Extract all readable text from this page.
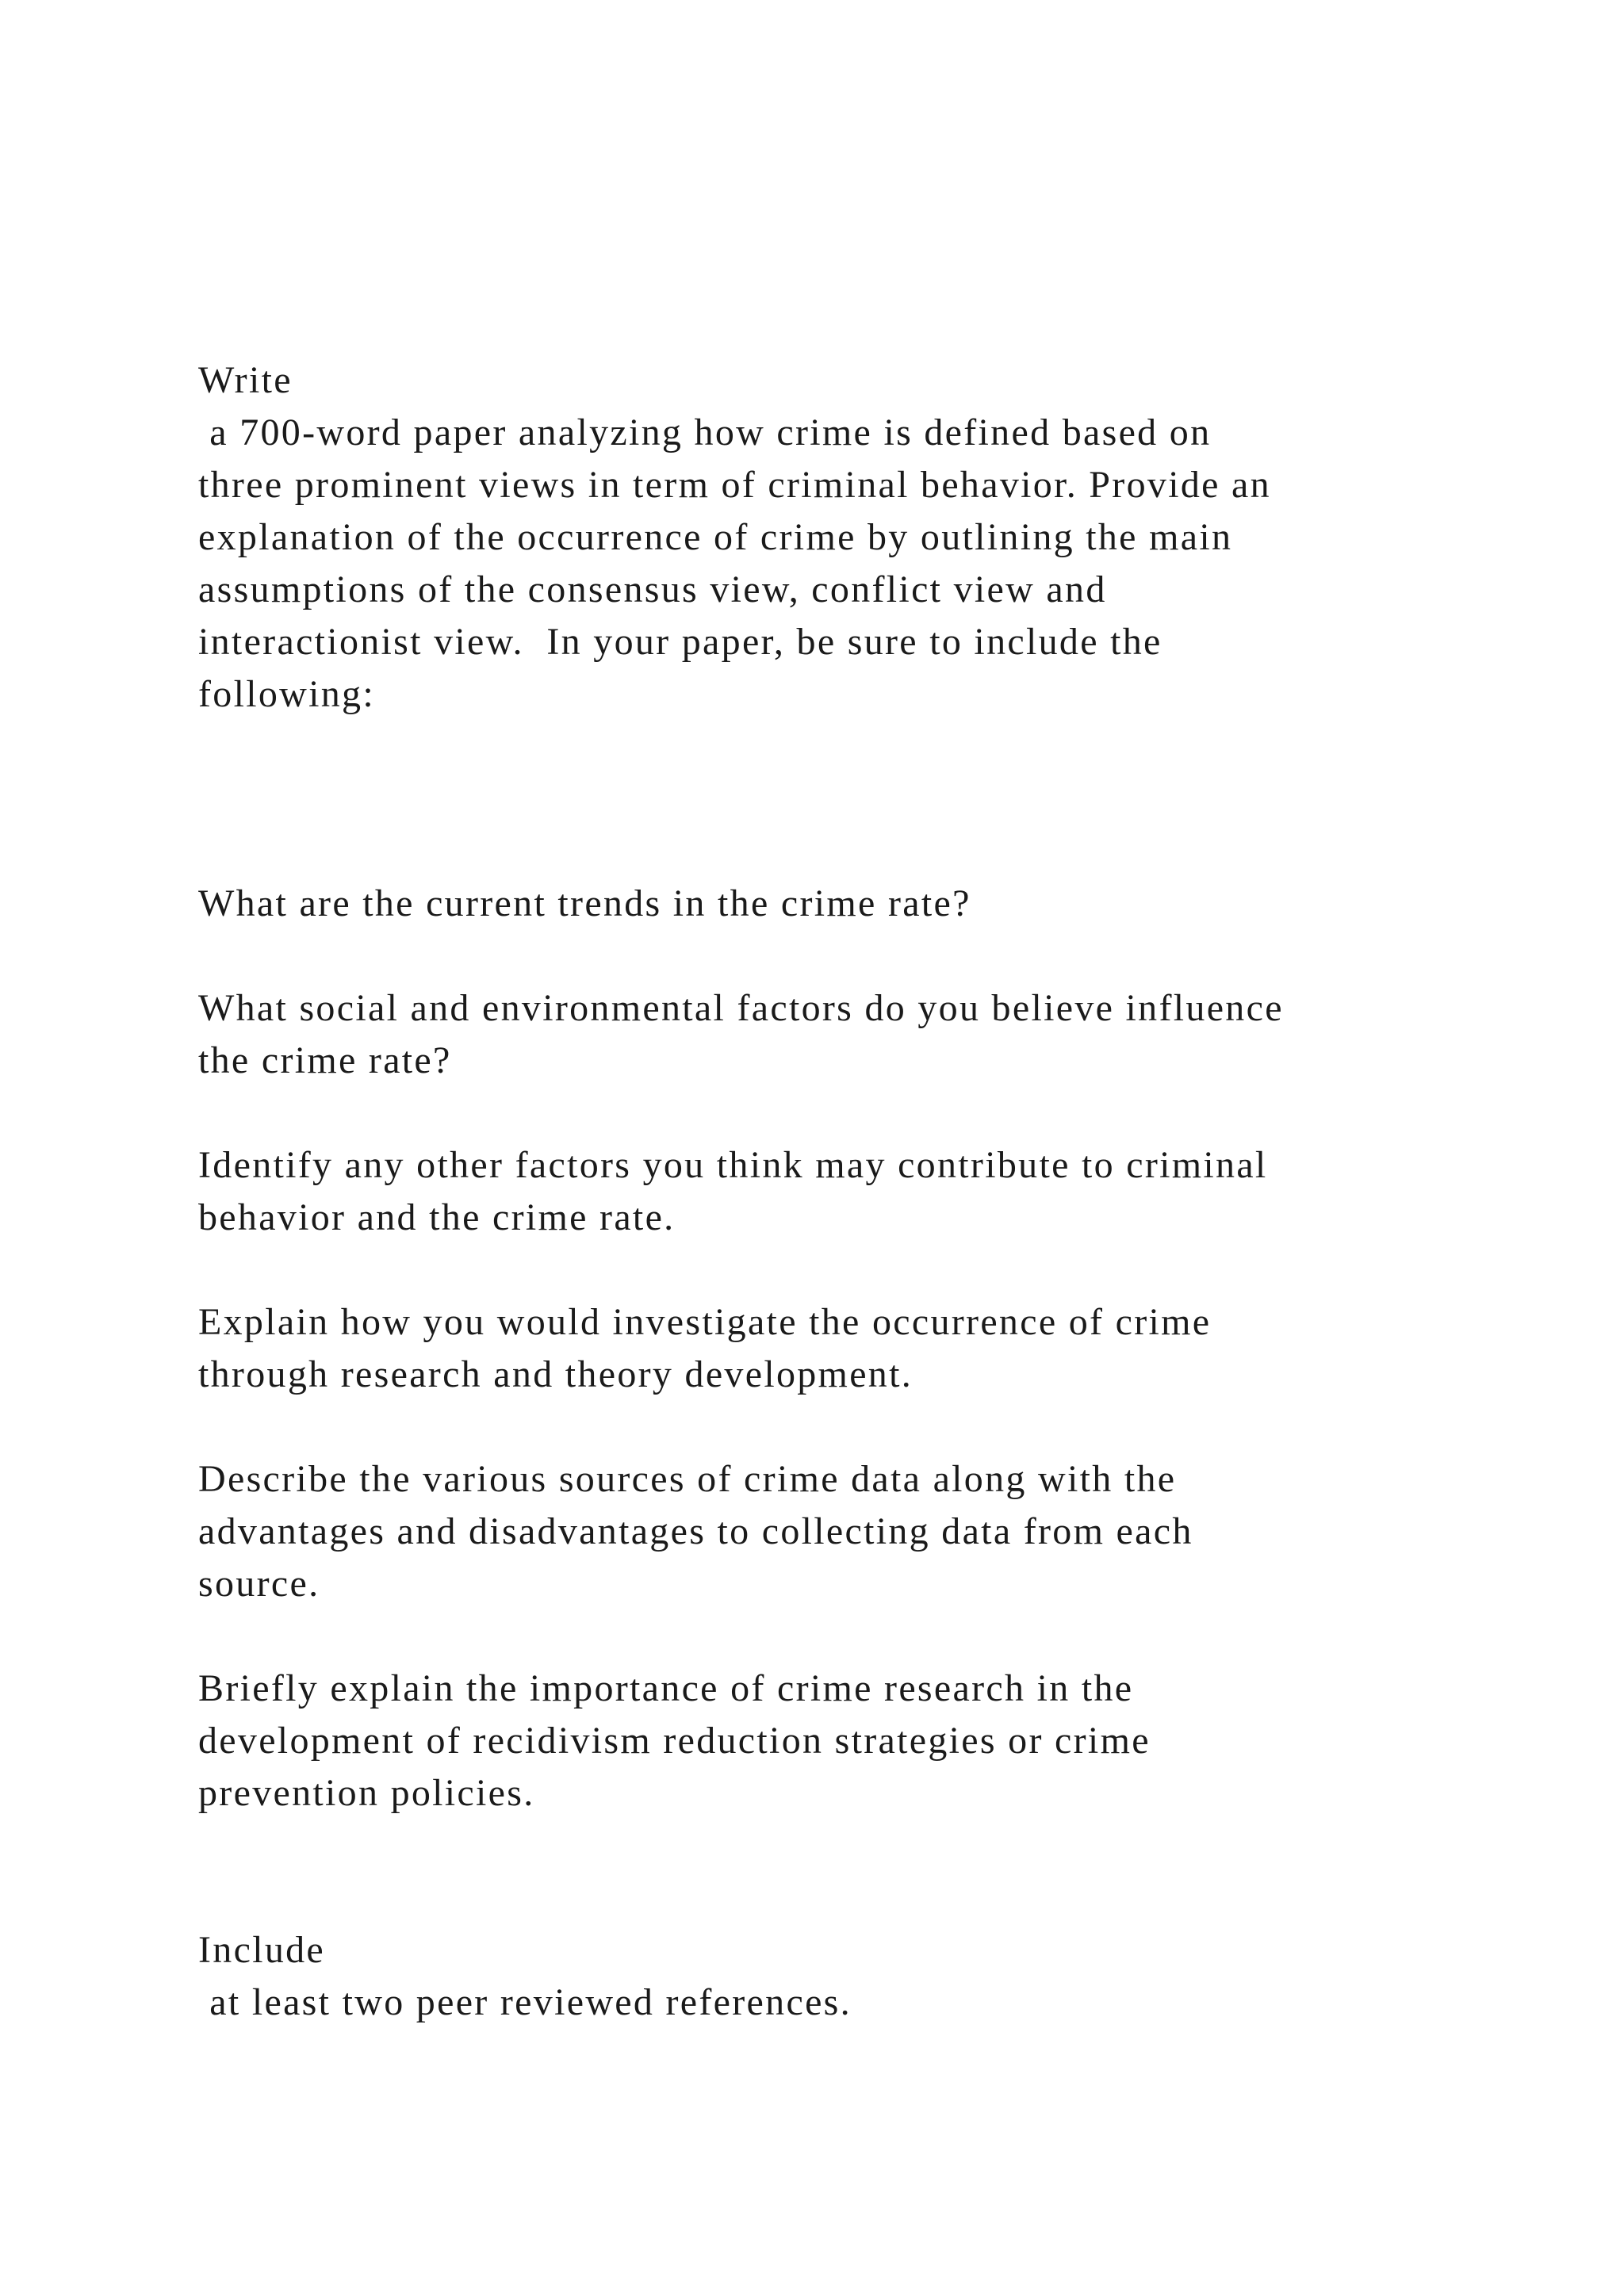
Write
a 700-word paper analyzing how crime is defined based on
three prominent views in term of criminal behavior. Provide an
explanation of the occurrence of crime by outlining the main
assumptions of the consensus view, conflict view and
interactionist view.  In your paper, be sure to include the
following:
What are the current trends in the crime rate?
What social and environmental factors do you believe influence
the crime rate?
Identify any other factors you think may contribute to criminal
behavior and the crime rate.
Explain how you would investigate the occurrence of crime
through research and theory development.
Describe the various sources of crime data along with the
advantages and disadvantages to collecting data from each
source.
Briefly explain the importance of crime research in the
development of recidivism reduction strategies or crime
prevention policies.
Include
at least two peer reviewed references.
